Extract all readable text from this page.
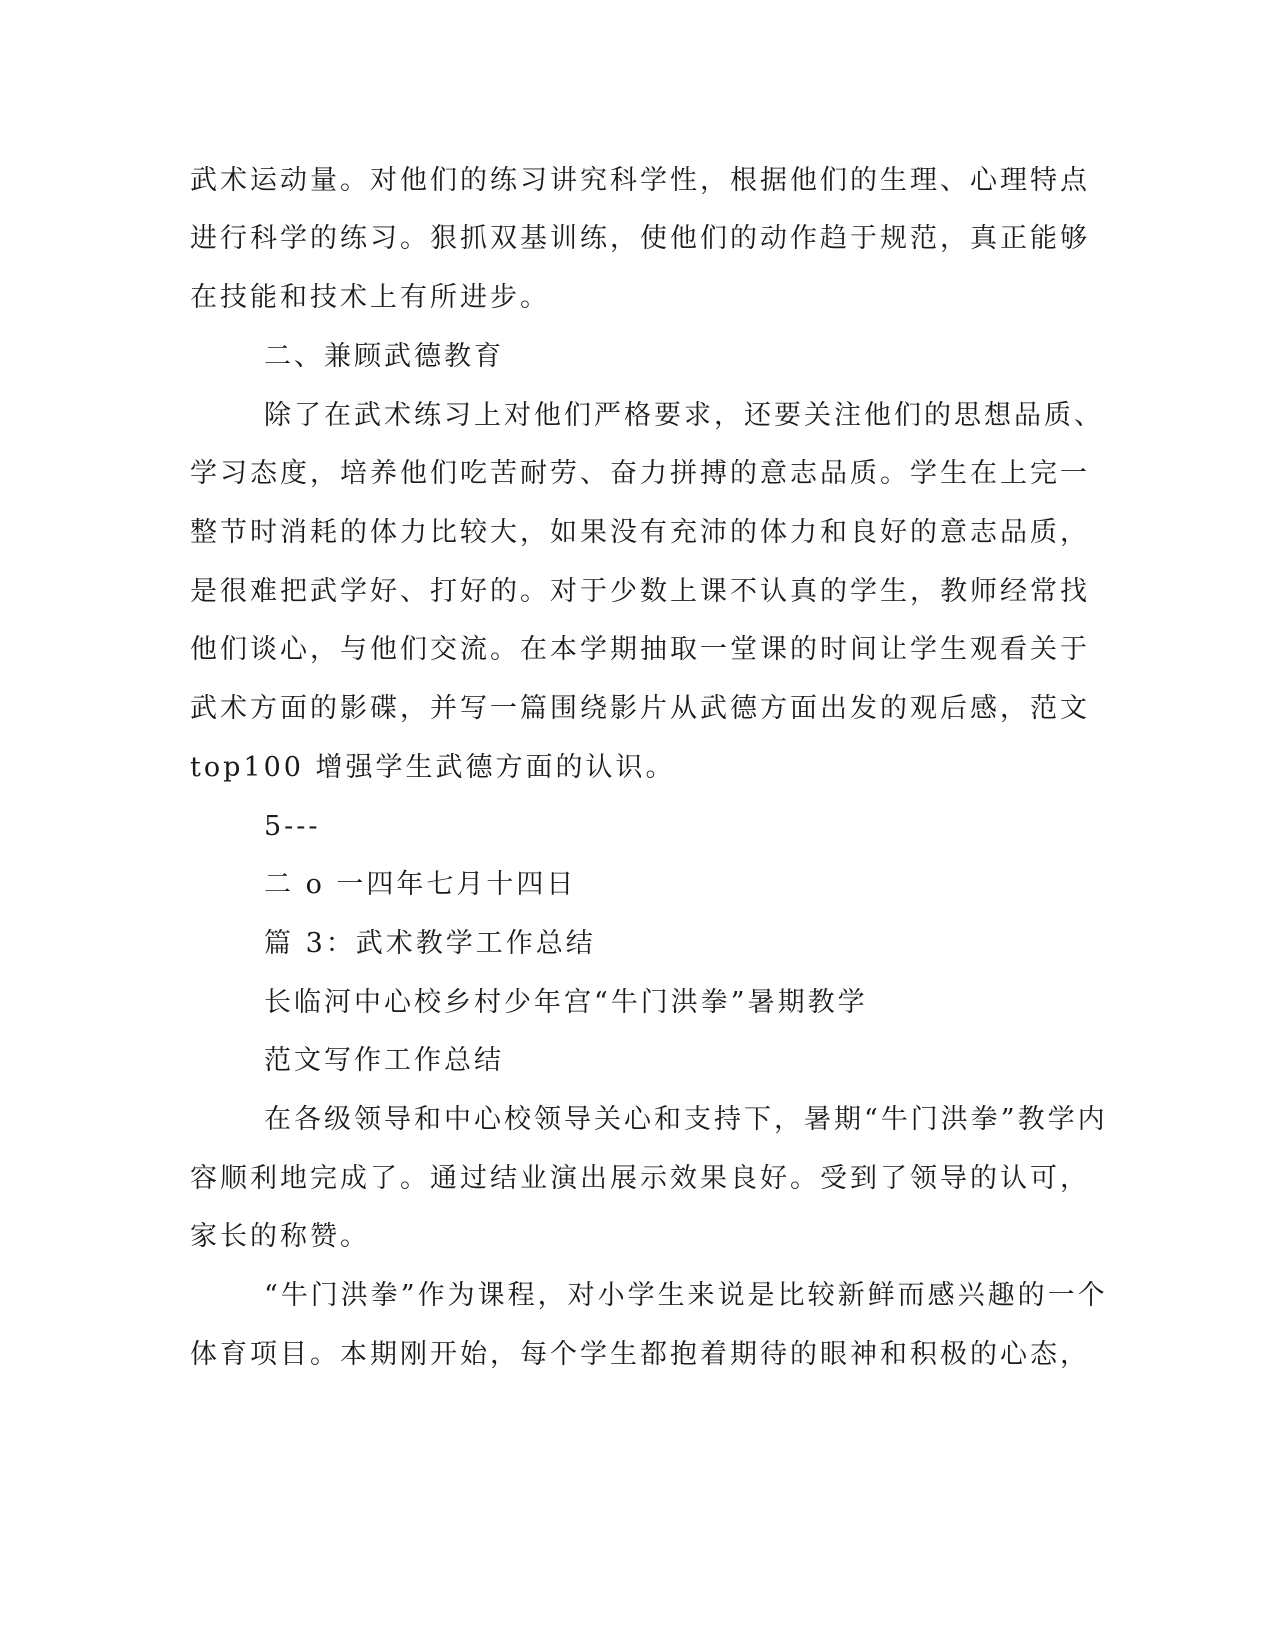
武术运动量。对他们的练习讲究科学性，根据他们的生理、心理特点
进行科学的练习。狠抓双基训练，使他们的动作趋于规范，真正能够
在技能和技术上有所进步。
二、兼顾武德教育
除了在武术练习上对他们严格要求，还要关注他们的思想品质、
学习态度，培养他们吃苦耐劳、奋力拼搏的意志品质。学生在上完一
整节时消耗的体力比较大，如果没有充沛的体力和良好的意志品质，
是很难把武学好、打好的。对于少数上课不认真的学生，教师经常找
他们谈心，与他们交流。在本学期抽取一堂课的时间让学生观看关于
武术方面的影碟，并写一篇围绕影片从武德方面出发的观后感，范文
top100 增强学生武德方面的认识。
5---
二 o 一四年七月十四日
篇 3：武术教学工作总结
长临河中心校乡村少年宫“牛门洪拳”暑期教学
范文写作工作总结
在各级领导和中心校领导关心和支持下，暑期“牛门洪拳”教学内
容顺利地完成了。通过结业演出展示效果良好。受到了领导的认可，
家长的称赞。
“牛门洪拳”作为课程，对小学生来说是比较新鲜而感兴趣的一个
体育项目。本期刚开始，每个学生都抱着期待的眼神和积极的心态，
